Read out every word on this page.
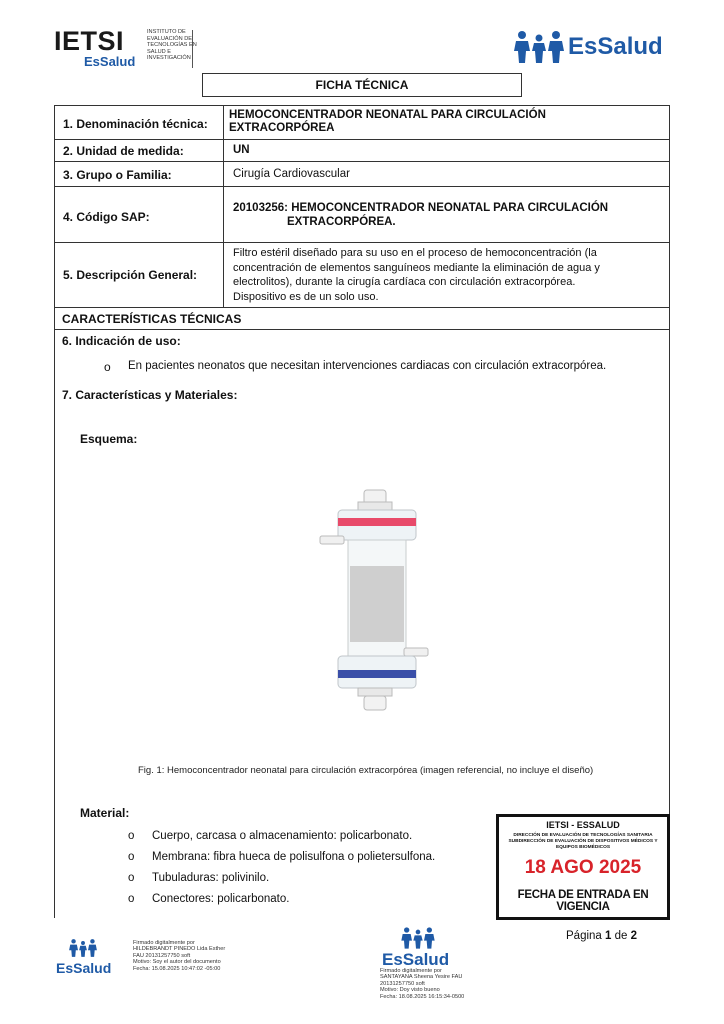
IETSI
EsSalud
INSTITUTO DE
EVALUACIÓN DE
TECNOLOGÍAS EN
SALUD E
INVESTIGACIÓN	EsSalud
FICHA TÉCNICA
1. Denominación técnica:
HEMOCONCENTRADOR NEONATAL PARA CIRCULACIÓN
EXTRACORPÓREA
2. Unidad de medida:	UN
3. Grupo o Familia:	Cirugía Cardiovascular
4. Código SAP:
20103256: HEMOCONCENTRADOR NEONATAL PARA CIRCULACIÓN
EXTRACORPÓREA.
5. Descripción General:
Filtro estéril diseñado para su uso en el proceso de hemoconcentración (la
concentración de elementos sanguíneos mediante la eliminación de agua y
electrolitos), durante la cirugía cardíaca con circulación extracorpórea.
Dispositivo es de un solo uso.
CARACTERÍSTICAS TÉCNICAS
6. Indicación de uso:
o En pacientes neonatos que necesitan intervenciones cardiacas con circulación extracorpórea.
7. Características y Materiales:
Esquema:
Fig. 1: Hemoconcentrador neonatal para circulación extracorpórea (imagen referencial, no incluye el diseño)
Material:
o Cuerpo, carcasa o almacenamiento: policarbonato.
o Membrana: fibra hueca de polisulfona o polietersulfona.
o Tubuladuras: polivinilo.
o Conectores: policarbonato.
IETSI - ESSALUD
DIRECCIÓN DE EVALUACIÓN DE TECNOLOGÍAS SANITARIA
SUBDIRECCIÓN DE EVALUACIÓN DE DISPOSITIVOS MÉDICOS Y EQUIPOS BIOMÉDICOS
18 AGO 2025
FECHA DE ENTRADA EN VIGENCIA
EsSalud
Firmado digitalmente por
HILDEBRANDT PINEDO Lida Esther
FAU 20131257750 soft
Motivo: Soy el autor del documento
Fecha: 15.08.2025 10:47:02 -05:00	EsSalud
Firmado digitalmente por
SANTAYANA Sheena Yesire FAU
20131257750 soft
Motivo: Doy visto bueno
Fecha: 18.08.2025 16:15:34-0500
Página 1 de 2
